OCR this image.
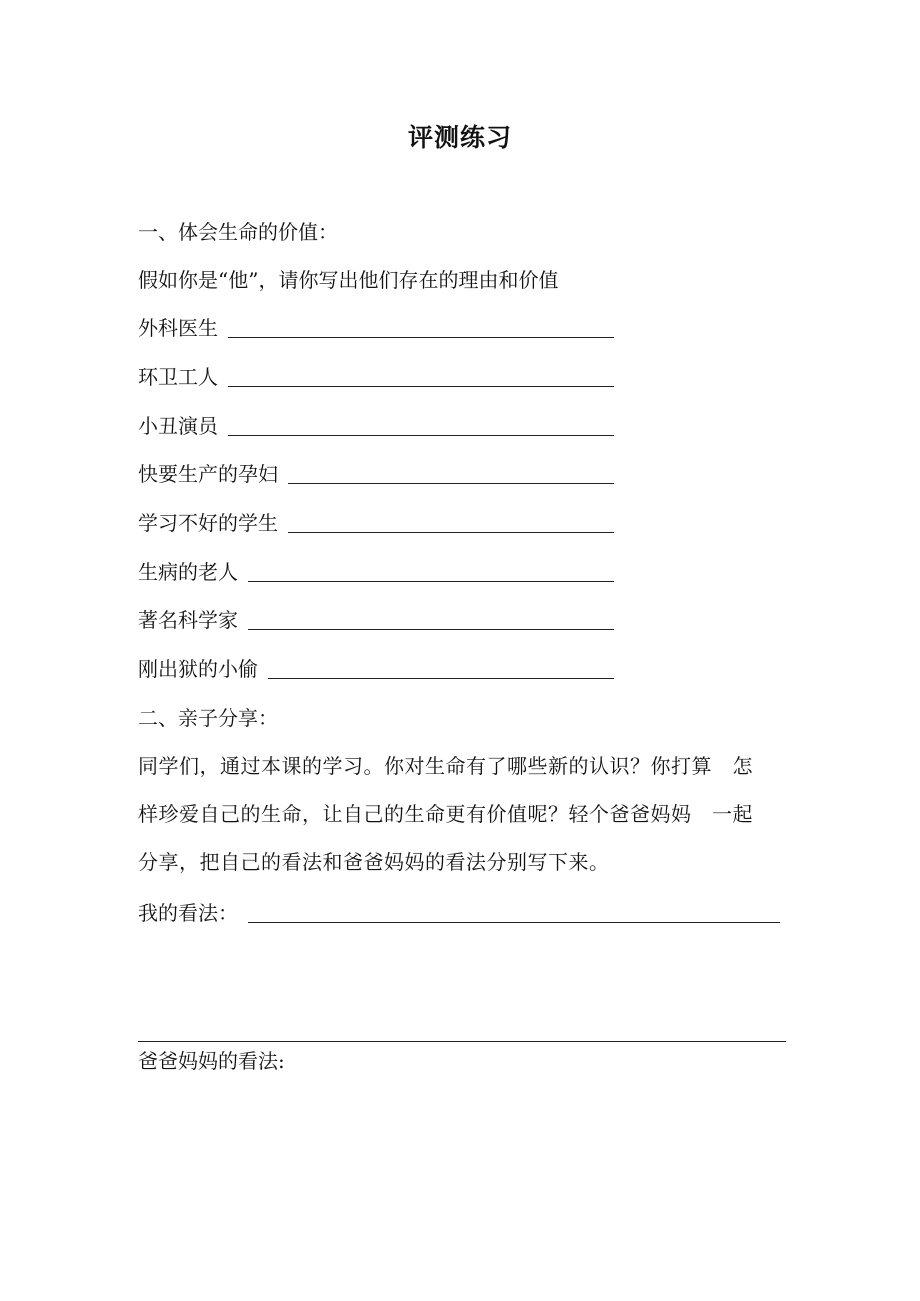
评测练习
一、体会生命的价值：
假如你是“他”，请你写出他们存在的理由和价值
外科医生
环卫工人
小丑演员
快要生产的孕妇
学习不好的学生
生病的老人
著名科学家
刚出狱的小偷
二、亲子分享：
同学们，通过本课的学习。你对生命有了哪些新的认识？你打算　怎
样珍爱自己的生命，让自己的生命更有价值呢？轻个爸爸妈妈　一起
分享，把自己的看法和爸爸妈妈的看法分别写下来。
我的看法：
爸爸妈妈的看法:
